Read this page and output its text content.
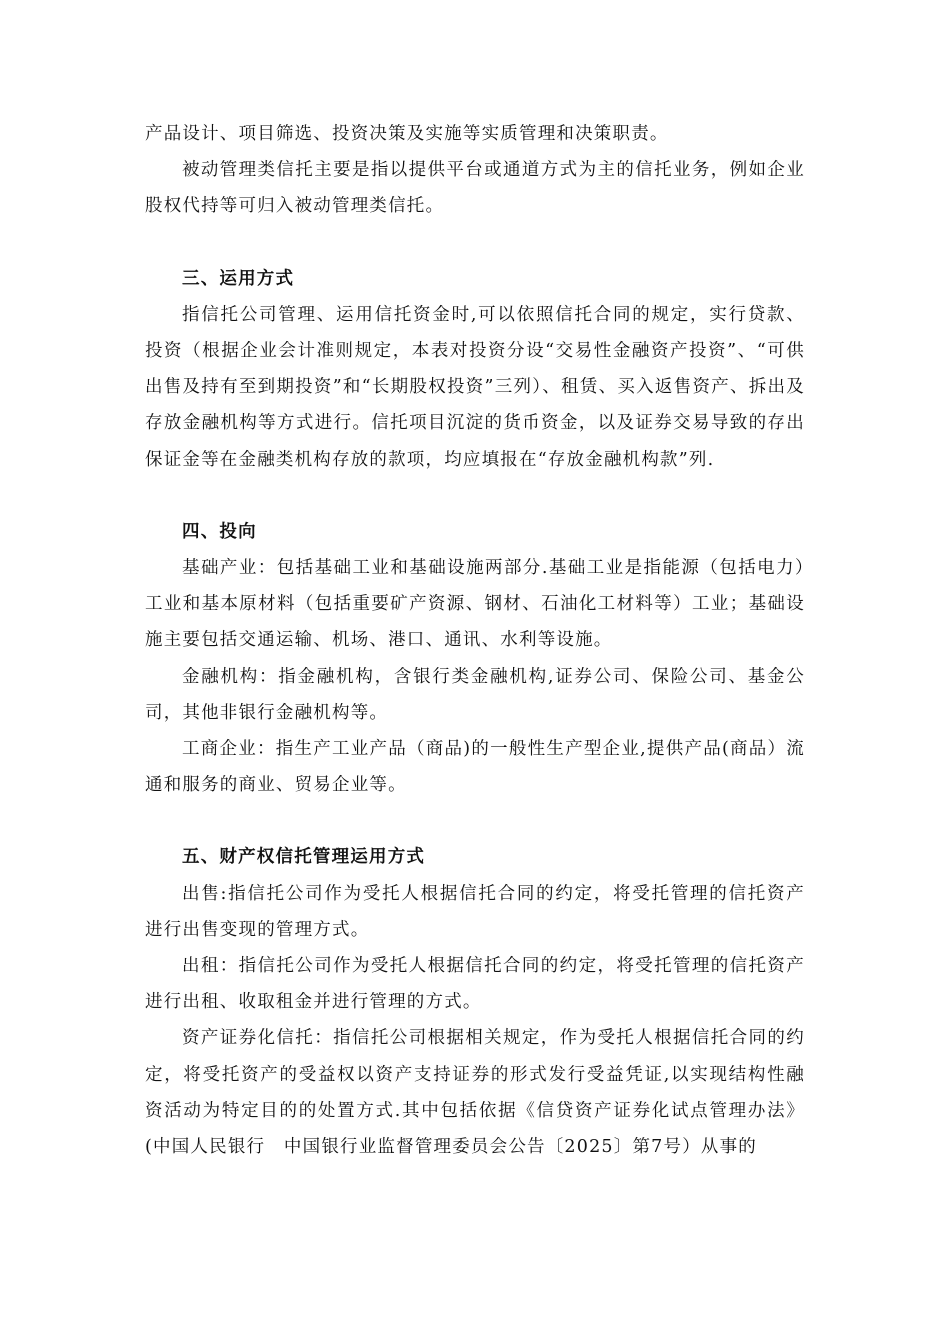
产品设计、项目筛选、投资决策及实施等实质管理和决策职责。

被动管理类信托主要是指以提供平台或通道方式为主的信托业务，例如企业股权代持等可归入被动管理类信托。

三、运用方式

指信托公司管理、运用信托资金时,可以依照信托合同的规定，实行贷款、投资（根据企业会计准则规定，本表对投资分设“交易性金融资产投资”、“可供出售及持有至到期投资”和“长期股权投资”三列）、租赁、买入返售资产、拆出及存放金融机构等方式进行。信托项目沉淀的货币资金，以及证券交易导致的存出保证金等在金融类机构存放的款项，均应填报在“存放金融机构款”列.

四、投向

基础产业：包括基础工业和基础设施两部分.基础工业是指能源（包括电力）工业和基本原材料（包括重要矿产资源、钢材、石油化工材料等）工业；基础设施主要包括交通运输、机场、港口、通讯、水利等设施。

金融机构：指金融机构，含银行类金融机构,证券公司、保险公司、基金公司，其他非银行金融机构等。

工商企业：指生产工业产品（商品)的一般性生产型企业,提供产品(商品）流通和服务的商业、贸易企业等。

五、财产权信托管理运用方式

出售:指信托公司作为受托人根据信托合同的约定，将受托管理的信托资产进行出售变现的管理方式。

出租：指信托公司作为受托人根据信托合同的约定，将受托管理的信托资产进行出租、收取租金并进行管理的方式。

资产证券化信托：指信托公司根据相关规定，作为受托人根据信托合同的约定，将受托资产的受益权以资产支持证券的形式发行受益凭证,以实现结构性融资活动为特定目的的处置方式.其中包括依据《信贷资产证券化试点管理办法》(中国人民银行　中国银行业监督管理委员会公告〔2025〕第7号）从事的
